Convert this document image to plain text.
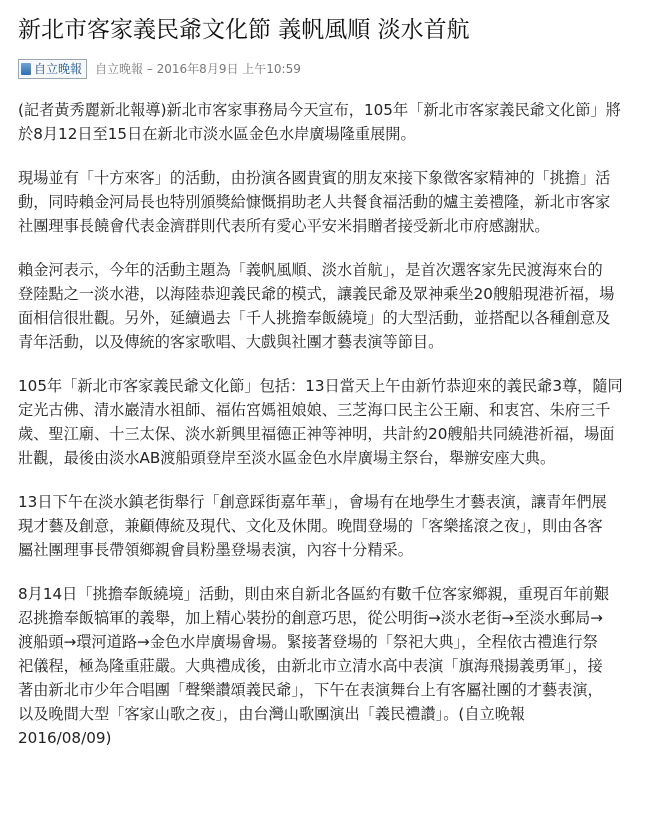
新北市客家義民爺文化節 義帆風順 淡水首航
自立晚報 自立晚報 – 2016年8月9日 上午10:59

(記者黃秀麗新北報導)新北市客家事務局今天宣布，105年「新北市客家義民爺文化節」將
於8月12日至15日在新北市淡水區金色水岸廣場隆重展開。

現場並有「十方來客」的活動，由扮演各國貴賓的朋友來接下象徵客家精神的「挑擔」活
動，同時賴金河局長也特別頒獎給慷慨捐助老人共餐食福活動的爐主姜禮隆，新北市客家
社團理事長饒會代表金濟群則代表所有愛心平安米捐贈者接受新北市府感謝狀。

賴金河表示，今年的活動主題為「義帆風順、淡水首航」，是首次選客家先民渡海來台的
登陸點之一淡水港，以海陸恭迎義民爺的模式，讓義民爺及眾神乘坐20艘船現港祈福，場
面相信很壯觀。另外，延續過去「千人挑擔奉飯繞境」的大型活動，並搭配以各種創意及
青年活動，以及傳統的客家歌唱、大戲與社團才藝表演等節目。

105年「新北市客家義民爺文化節」包括：13日當天上午由新竹恭迎來的義民爺3尊，隨同
定光古佛、清水巖清水祖師、福佑宮媽祖娘娘、三芝海口民主公王廟、和衷宮、朱府三千
歲、聖江廟、十三太保、淡水新興里福德正神等神明，共計約20艘船共同繞港祈福，場面
壯觀，最後由淡水AB渡船頭登岸至淡水區金色水岸廣場主祭台，舉辦安座大典。

13日下午在淡水鎮老街舉行「創意踩街嘉年華」，會場有在地學生才藝表演，讓青年們展
現才藝及創意，兼顧傳統及現代、文化及休閒。晚間登場的「客樂搖滾之夜」，則由各客
屬社團理事長帶領鄉親會員粉墨登場表演，內容十分精采。

8月14日「挑擔奉飯繞境」活動，則由來自新北各區約有數千位客家鄉親，重現百年前艱
忍挑擔奉飯犒軍的義舉，加上精心裝扮的創意巧思，從公明街→淡水老街→至淡水郵局→
渡船頭→環河道路→金色水岸廣場會場。緊接著登場的「祭祀大典」，全程依古禮進行祭
祀儀程，極為隆重莊嚴。大典禮成後，由新北市立清水高中表演「旗海飛揚義勇軍」，接
著由新北市少年合唱團「聲樂讚頌義民爺」，下午在表演舞台上有客屬社團的才藝表演，
以及晚間大型「客家山歌之夜」，由台灣山歌團演出「義民禮讚」。(自立晚報
2016/08/09)
